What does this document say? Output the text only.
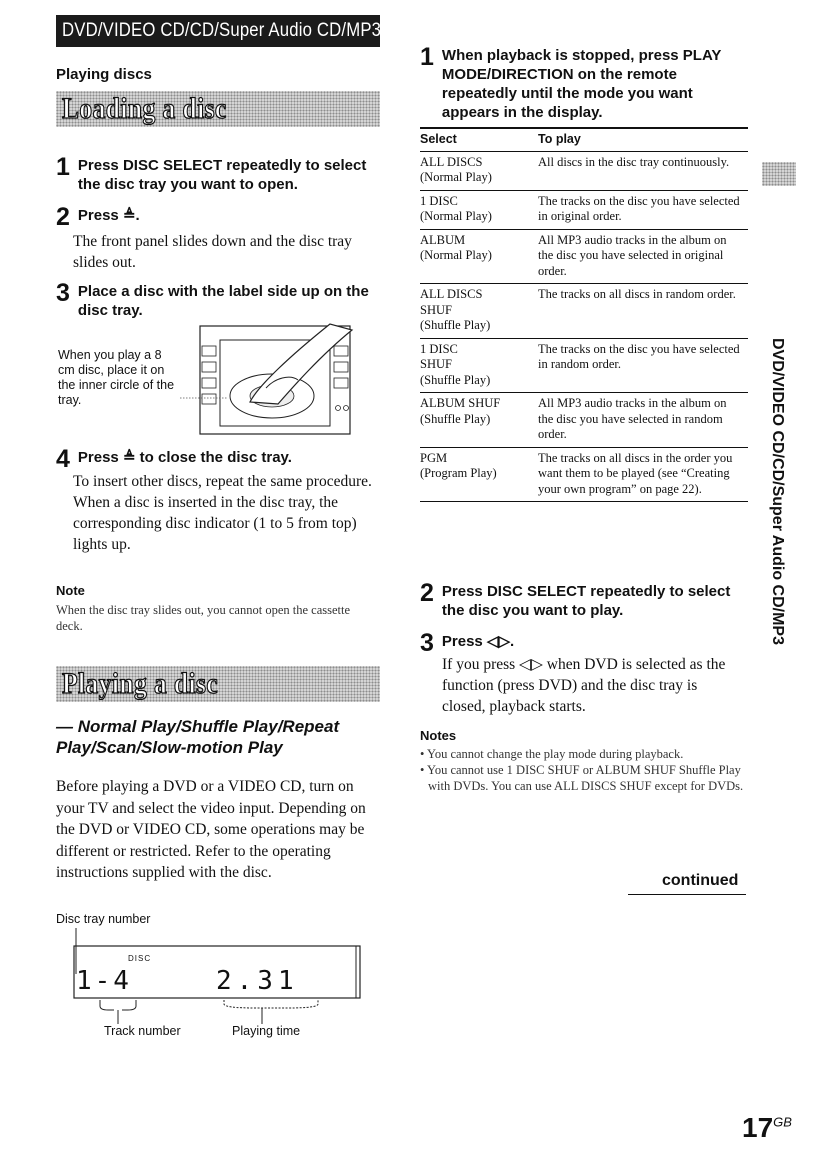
DVD/VIDEO CD/CD/Super Audio CD/MP3
Playing discs
Loading a disc
1 Press DISC SELECT repeatedly to select the disc tray you want to open.
2 Press ≜.
The front panel slides down and the disc tray slides out.
3 Place a disc with the label side up on the disc tray.
When you play a 8 cm disc, place it on the inner circle of the tray.
4 Press ≜ to close the disc tray.
To insert other discs, repeat the same procedure. When a disc is inserted in the disc tray, the corresponding disc indicator (1 to 5 from top) lights up.
Note
When the disc tray slides out, you cannot open the cassette deck.
Playing a disc
— Normal Play/Shuffle Play/Repeat Play/Scan/Slow-motion Play
Before playing a DVD or a VIDEO CD, turn on your TV and select the video input. Depending on the DVD or VIDEO CD, some operations may be different or restricted. Refer to the operating instructions supplied with the disc.
Disc tray number
DISC
1-4	2.31
Track number	Playing time
1 When playback is stopped, press PLAY MODE/DIRECTION on the remote repeatedly until the mode you want appears in the display.
Select	To play
ALL DISCS
(Normal Play)	All discs in the disc tray continuously.
1 DISC
(Normal Play)	The tracks on the disc you have selected in original order.
ALBUM
(Normal Play)	All MP3 audio tracks in the album on the disc you have selected in original order.
ALL DISCS
SHUF
(Shuffle Play)	The tracks on all discs in random order.
1 DISC
SHUF
(Shuffle Play)	The tracks on the disc you have selected in random order.
ALBUM SHUF
(Shuffle Play)	All MP3 audio tracks in the album on the disc you have selected in random order.
PGM
(Program Play)	The tracks on all discs in the order you want them to be played (see “Creating your own program” on page 22).
2 Press DISC SELECT repeatedly to select the disc you want to play.
3 Press ◁▷.
If you press ◁▷ when DVD is selected as the function (press DVD) and the disc tray is closed, playback starts.
Notes
• You cannot change the play mode during playback.
• You cannot use 1 DISC SHUF or ALBUM SHUF Shuffle Play with DVDs. You can use ALL DISCS SHUF except for DVDs.
continued
DVD/VIDEO CD/CD/Super Audio CD/MP3
$17^{GB}$
